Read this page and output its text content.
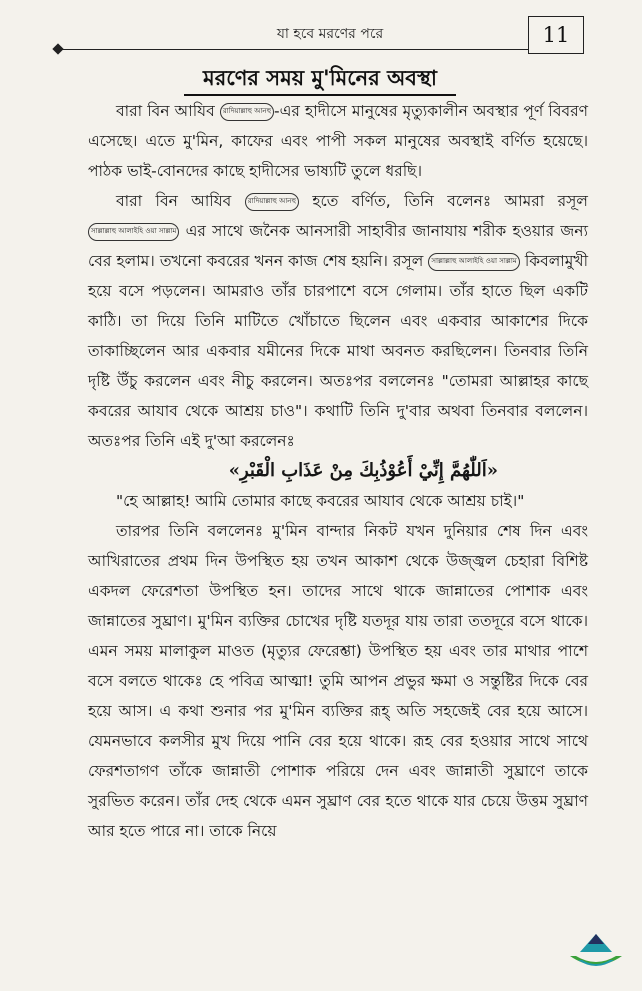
যা হবে মরণের পরে	11
মরণের সময় মু'মিনের অবস্থা

বারা বিন আযিব রাদিয়াল্লাহু আনহু -এর হাদীসে মানুষের মৃত্যুকালীন অবস্থার পূর্ণ বিবরণ এসেছে। এতে মু'মিন, কাফের এবং পাপী সকল মানুষের অবস্থাই বর্ণিত হয়েছে। পাঠক ভাই-বোনদের কাছে হাদীসের ভাষ্যটি তুলে ধরছি।

বারা বিন আযিব রাদিয়াল্লাহু আনহু হতে বর্ণিত, তিনি বলেনঃ আমরা রসূল সাল্লাল্লাহু আলাইহি ওয়া সাল্লাম এর সাথে জনৈক আনসারী সাহাবীর জানাযায় শরীক হওয়ার জন্য বের হলাম। তখনো কবরের খনন কাজ শেষ হয়নি। রসূল সাল্লাল্লাহু আলাইহি ওয়া সাল্লাম কিবলামুখী হয়ে বসে পড়লেন। আমরাও তাঁর চারপাশে বসে গেলাম। তাঁর হাতে ছিল একটি কাঠি। তা দিয়ে তিনি মাটিতে খোঁচাতে ছিলেন এবং একবার আকাশের দিকে তাকাচ্ছিলেন আর একবার যমীনের দিকে মাথা অবনত করছিলেন। তিনবার তিনি দৃষ্টি উঁচু করলেন এবং নীচু করলেন। অতঃপর বললেনঃ "তোমরা আল্লাহর কাছে কবরের আযাব থেকে আশ্রয় চাও"। কথাটি তিনি দু'বার অথবা তিনবার বললেন। অতঃপর তিনি এই দু'আ করলেনঃ

«اَللّٰهُمَّ إِنِّيْ أَعُوْذُبِكَ مِنْ عَذَابِ الْقَبْرِ»

"হে আল্লাহ! আমি তোমার কাছে কবরের আযাব থেকে আশ্রয় চাই।"

তারপর তিনি বললেনঃ মু'মিন বান্দার নিকট যখন দুনিয়ার শেষ দিন এবং আখিরাতের প্রথম দিন উপস্থিত হয় তখন আকাশ থেকে উজ্জ্বল চেহারা বিশিষ্ট একদল ফেরেশতা উপস্থিত হন। তাদের সাথে থাকে জান্নাতের পোশাক এবং জান্নাতের সুঘ্রাণ। মু'মিন ব্যক্তির চোখের দৃষ্টি যতদূর যায় তারা ততদূরে বসে থাকে। এমন সময় মালাকুল মাওত (মৃত্যুর ফেরেশ্তা) উপস্থিত হয় এবং তার মাথার পাশে বসে বলতে থাকেঃ হে পবিত্র আত্মা! তুমি আপন প্রভুর ক্ষমা ও সন্তুষ্টির দিকে বের হয়ে আস। এ কথা শুনার পর মু'মিন ব্যক্তির রূহ্ অতি সহজেই বের হয়ে আসে। যেমনভাবে কলসীর মুখ দিয়ে পানি বের হয়ে থাকে। রূহ বের হওয়ার সাথে সাথে ফেরশতাগণ তাঁকে জান্নাতী পোশাক পরিয়ে দেন এবং জান্নাতী সুঘ্রাণে তাকে সুরভিত করেন। তাঁর দেহ থেকে এমন সুঘ্রাণ বের হতে থাকে যার চেয়ে উত্তম সুঘ্রাণ আর হতে পারে না। তাকে নিয়ে
